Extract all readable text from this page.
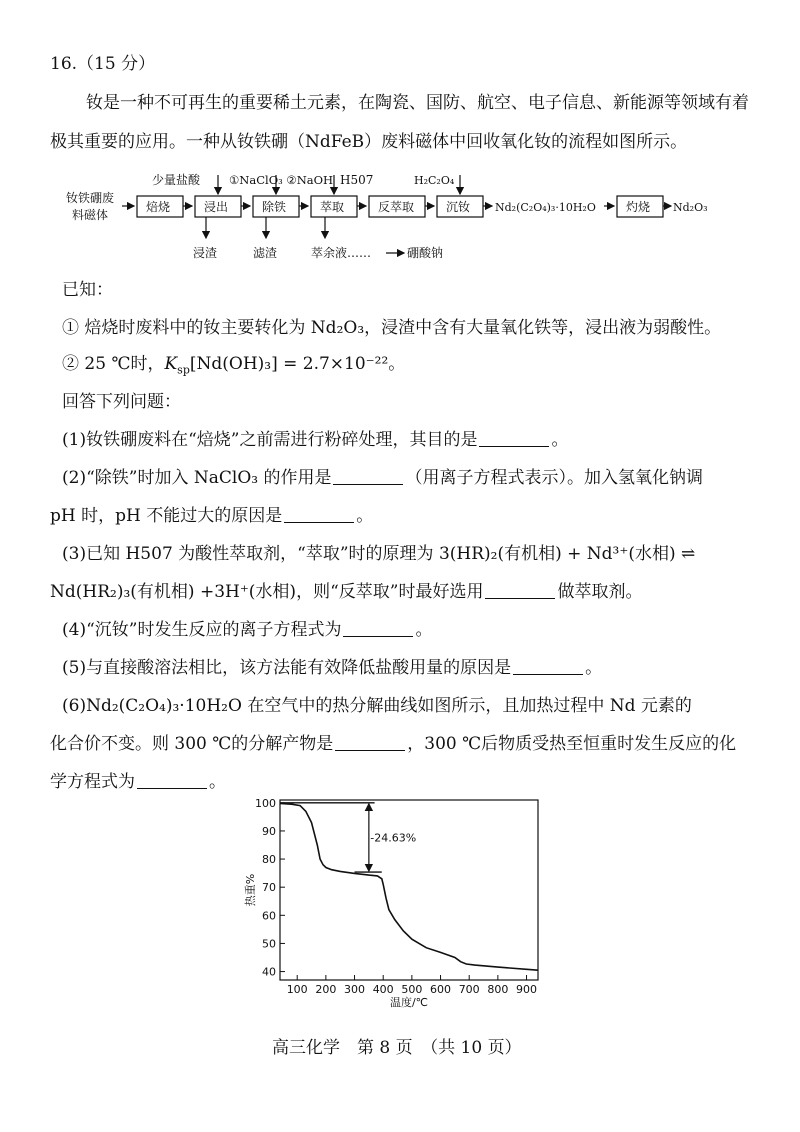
16.（15 分）
钕是一种不可再生的重要稀土元素，在陶瓷、国防、航空、电子信息、新能源等领域有着
极其重要的应用。一种从钕铁硼（NdFeB）废料磁体中回收氧化钕的流程如图所示。
钕铁硼废
料磁体
焙烧	浸出	除铁	萃取	反萃取	沉钕 Nd₂(C₂O₄)₃·10H₂O	灼烧 Nd₂O₃
少量盐酸	①NaClO₃ ②NaOH H507	H₂C₂O₄
浸渣	滤渣	萃余液……	硼酸钠
已知：
① 焙烧时废料中的钕主要转化为 Nd₂O₃，浸渣中含有大量氧化铁等，浸出液为弱酸性。
② 25 ℃时，$K_{sp}[Nd(OH)_3] = 2.7\times 10^{-22}$。
回答下列问题：
(1)钕铁硼废料在“焙烧”之前需进行粉碎处理，其目的是	。
(2)“除铁”时加入 NaClO₃ 的作用是	（用离子方程式表示）。加入氢氧化钠调
pH 时，pH 不能过大的原因是	。
(3)已知 H507 为酸性萃取剂，“萃取”时的原理为 3(HR)₂(有机相) + Nd³⁺(水相) ⇌
Nd(HR₂)₃(有机相) +3H⁺(水相)，则“反萃取”时最好选用	做萃取剂。
(4)“沉钕”时发生反应的离子方程式为	。
(5)与直接酸溶法相比，该方法能有效降低盐酸用量的原因是	。
(6)Nd₂(C₂O₄)₃·10H₂O 在空气中的热分解曲线如图所示，且加热过程中 Nd 元素的
化合价不变。则 300 ℃的分解产物是	，300 ℃后物质受热至恒重时发生反应的化
学方程式为	。
40
50
60
70
80
90
100
100 200 300 400 500 600 700 800 900
热重%
温度/℃
-24.63%
高三化学　第 8 页　（共 10 页）
